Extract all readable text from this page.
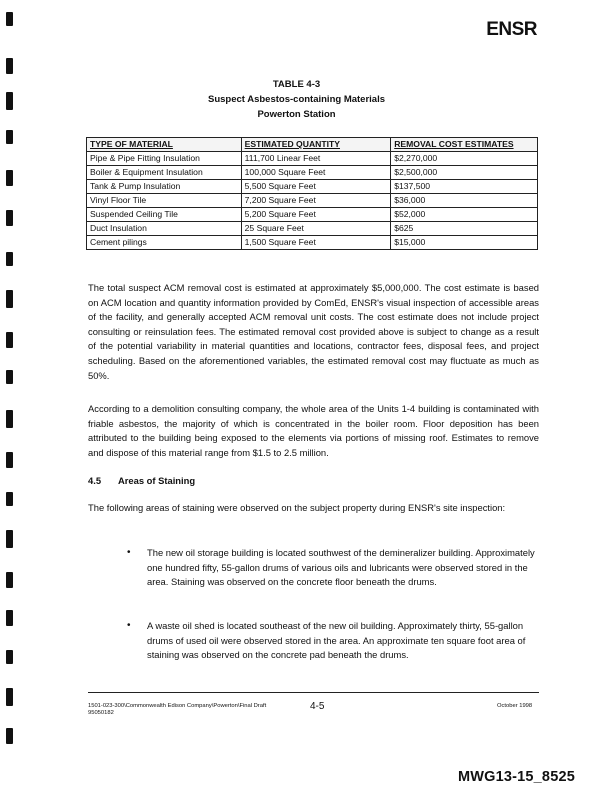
ENSR
TABLE 4-3
Suspect Asbestos-containing Materials
Powerton Station
TYPE OF MATERIAL	ESTIMATED QUANTITY	REMOVAL COST ESTIMATES
Pipe & Pipe Fitting Insulation	111,700 Linear Feet	$2,270,000
Boiler & Equipment Insulation	100,000 Square Feet	$2,500,000
Tank & Pump Insulation	5,500 Square Feet	$137,500
Vinyl Floor Tile	7,200 Square Feet	$36,000
Suspended Ceiling Tile	5,200 Square Feet	$52,000
Duct Insulation	25 Square Feet	$625
Cement pilings	1,500 Square Feet	$15,000

The total suspect ACM removal cost is estimated at approximately $5,000,000. The cost estimate is based on ACM location and quantity information provided by ComEd, ENSR's visual inspection of accessible areas of the facility, and generally accepted ACM removal unit costs. The cost estimate does not include project consulting or reinsulation fees. The estimated removal cost provided above is subject to change as a result of the potential variability in material quantities and locations, contractor fees, disposal fees, and project scheduling. Based on the aforementioned variables, the estimated removal cost may fluctuate as much as 50%.

According to a demolition consulting company, the whole area of the Units 1-4 building is contaminated with friable asbestos, the majority of which is concentrated in the boiler room. Floor deposition has been attributed to the building being exposed to the elements via portions of missing roof. Estimates to remove and dispose of this material range from $1.5 to 2.5 million.

4.5 Areas of Staining

The following areas of staining were observed on the subject property during ENSR's site inspection:

• The new oil storage building is located southwest of the demineralizer building. Approximately one hundred fifty, 55-gallon drums of various oils and lubricants were observed stored in the area. Staining was observed on the concrete floor beneath the drums.
• A waste oil shed is located southeast of the new oil building. Approximately thirty, 55-gallon drums of used oil were observed stored in the area. An approximate ten square foot area of staining was observed on the concrete pad beneath the drums.
1501-023-300\Commonwealth Edison Company\Powerton\Final Draft
95050182
4-5	October 1998
MWG13-15_8525
